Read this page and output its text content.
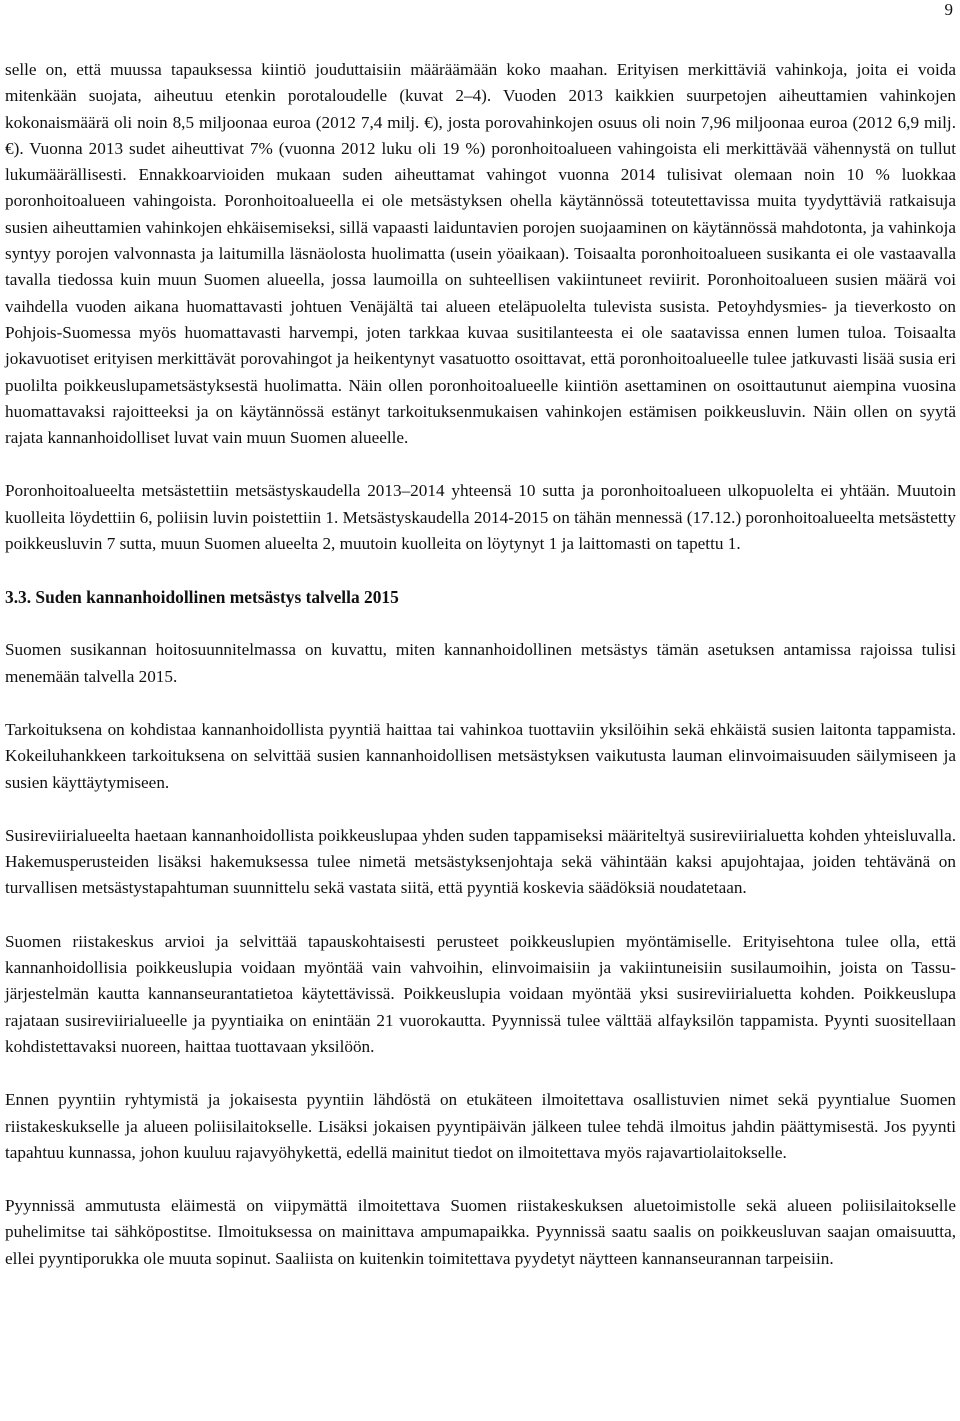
9

selle on, että muussa tapauksessa kiintiö jouduttaisiin määräämään koko maahan. Erityisen merkittäviä vahinkoja, joita ei voida mitenkään suojata, aiheutuu etenkin porotaloudelle (kuvat 2–4). Vuoden 2013 kaikkien suurpetojen aiheuttamien vahinkojen kokonaismäärä oli noin 8,5 miljoonaa euroa (2012 7,4 milj. €), josta porovahinkojen osuus oli noin 7,96 miljoonaa euroa (2012 6,9 milj. €). Vuonna 2013 sudet aiheuttivat 7% (vuonna 2012 luku oli 19 %) poronhoitoalueen vahingoista eli merkittävää vähennystä on tullut lukumäärällisesti. Ennakkoarvioiden mukaan suden aiheuttamat vahingot vuonna 2014 tulisivat olemaan noin 10 % luokkaa poronhoitoalueen vahingoista. Poronhoitoalueella ei ole metsästyksen ohella käytännössä toteutettavissa muita tyydyttäviä ratkaisuja susien aiheuttamien vahinkojen ehkäisemiseksi, sillä vapaasti laiduntavien porojen suojaaminen on käytännössä mahdotonta, ja vahinkoja syntyy porojen valvonnasta ja laitumilla läsnäolosta huolimatta (usein yöaikaan). Toisaalta poronhoitoalueen susikanta ei ole vastaavalla tavalla tiedossa kuin muun Suomen alueella, jossa laumoilla on suhteellisen vakiintuneet reviirit. Poronhoitoalueen susien määrä voi vaihdella vuoden aikana huomattavasti johtuen Venäjältä tai alueen eteläpuolelta tulevista susista. Petoyhdysmies- ja tieverkosto on Pohjois-Suomessa myös huomattavasti harvempi, joten tarkkaa kuvaa susitilanteesta ei ole saatavissa ennen lumen tuloa. Toisaalta jokavuotiset erityisen merkittävät porovahingot ja heikentynyt vasatuotto osoittavat, että poronhoitoalueelle tulee jatkuvasti lisää susia eri puolilta poikkeuslupametsästyksestä huolimatta. Näin ollen poronhoitoalueelle kiintiön asettaminen on osoittautunut aiempina vuosina huomattavaksi rajoitteeksi ja on käytännössä estänyt tarkoituksenmukaisen vahinkojen estämisen poikkeusluvin. Näin ollen on syytä rajata kannanhoidolliset luvat vain muun Suomen alueelle.

Poronhoitoalueelta metsästettiin metsästyskaudella 2013–2014 yhteensä 10 sutta ja poronhoitoalueen ulkopuolelta ei yhtään. Muutoin kuolleita löydettiin 6, poliisin luvin poistettiin 1. Metsästyskaudella 2014-2015 on tähän mennessä (17.12.) poronhoitoalueelta metsästetty poikkeusluvin 7 sutta, muun Suomen alueelta 2, muutoin kuolleita on löytynyt 1 ja laittomasti on tapettu 1.

3.3. Suden kannanhoidollinen metsästys talvella 2015

Suomen susikannan hoitosuunnitelmassa on kuvattu, miten kannanhoidollinen metsästys tämän asetuksen antamissa rajoissa tulisi menemään talvella 2015.

Tarkoituksena on kohdistaa kannanhoidollista pyyntiä haittaa tai vahinkoa tuottaviin yksilöihin sekä ehkäistä susien laitonta tappamista. Kokeiluhankkeen tarkoituksena on selvittää susien kannanhoidollisen metsästyksen vaikutusta lauman elinvoimaisuuden säilymiseen ja susien käyttäytymiseen.

Susireviirialueelta haetaan kannanhoidollista poikkeuslupaa yhden suden tappamiseksi määriteltyä susireviirialuetta kohden yhteisluvalla. Hakemusperusteiden lisäksi hakemuksessa tulee nimetä metsästyksenjohtaja sekä vähintään kaksi apujohtajaa, joiden tehtävänä on turvallisen metsästystapahtuman suunnittelu sekä vastata siitä, että pyyntiä koskevia säädöksiä noudatetaan.

Suomen riistakeskus arvioi ja selvittää tapauskohtaisesti perusteet poikkeuslupien myöntämiselle. Erityisehtona tulee olla, että kannanhoidollisia poikkeuslupia voidaan myöntää vain vahvoihin, elinvoimaisiin ja vakiintuneisiin susilaumoihin, joista on Tassu-järjestelmän kautta kannanseurantatietoa käytettävissä. Poikkeuslupia voidaan myöntää yksi susireviirialuetta kohden. Poikkeuslupa rajataan susireviirialueelle ja pyyntiaika on enintään 21 vuorokautta. Pyynnissä tulee välttää alfayksilön tappamista. Pyynti suositellaan kohdistettavaksi nuoreen, haittaa tuottavaan yksilöön.

Ennen pyyntiin ryhtymistä ja jokaisesta pyyntiin lähdöstä on etukäteen ilmoitettava osallistuvien nimet sekä pyyntialue Suomen riistakeskukselle ja alueen poliisilaitokselle. Lisäksi jokaisen pyyntipäivän jälkeen tulee tehdä ilmoitus jahdin päättymisestä. Jos pyynti tapahtuu kunnassa, johon kuuluu rajavyöhykettä, edellä mainitut tiedot on ilmoitettava myös rajavartiolaitokselle.

Pyynnissä ammutusta eläimestä on viipymättä ilmoitettava Suomen riistakeskuksen aluetoimistolle sekä alueen poliisilaitokselle puhelimitse tai sähköpostitse. Ilmoituksessa on mainittava ampumapaikka. Pyynnissä saatu saalis on poikkeusluvan saajan omaisuutta, ellei pyyntiporukka ole muuta sopinut. Saaliista on kuitenkin toimitettava pyydetyt näytteen kannanseurannan tarpeisiin.
